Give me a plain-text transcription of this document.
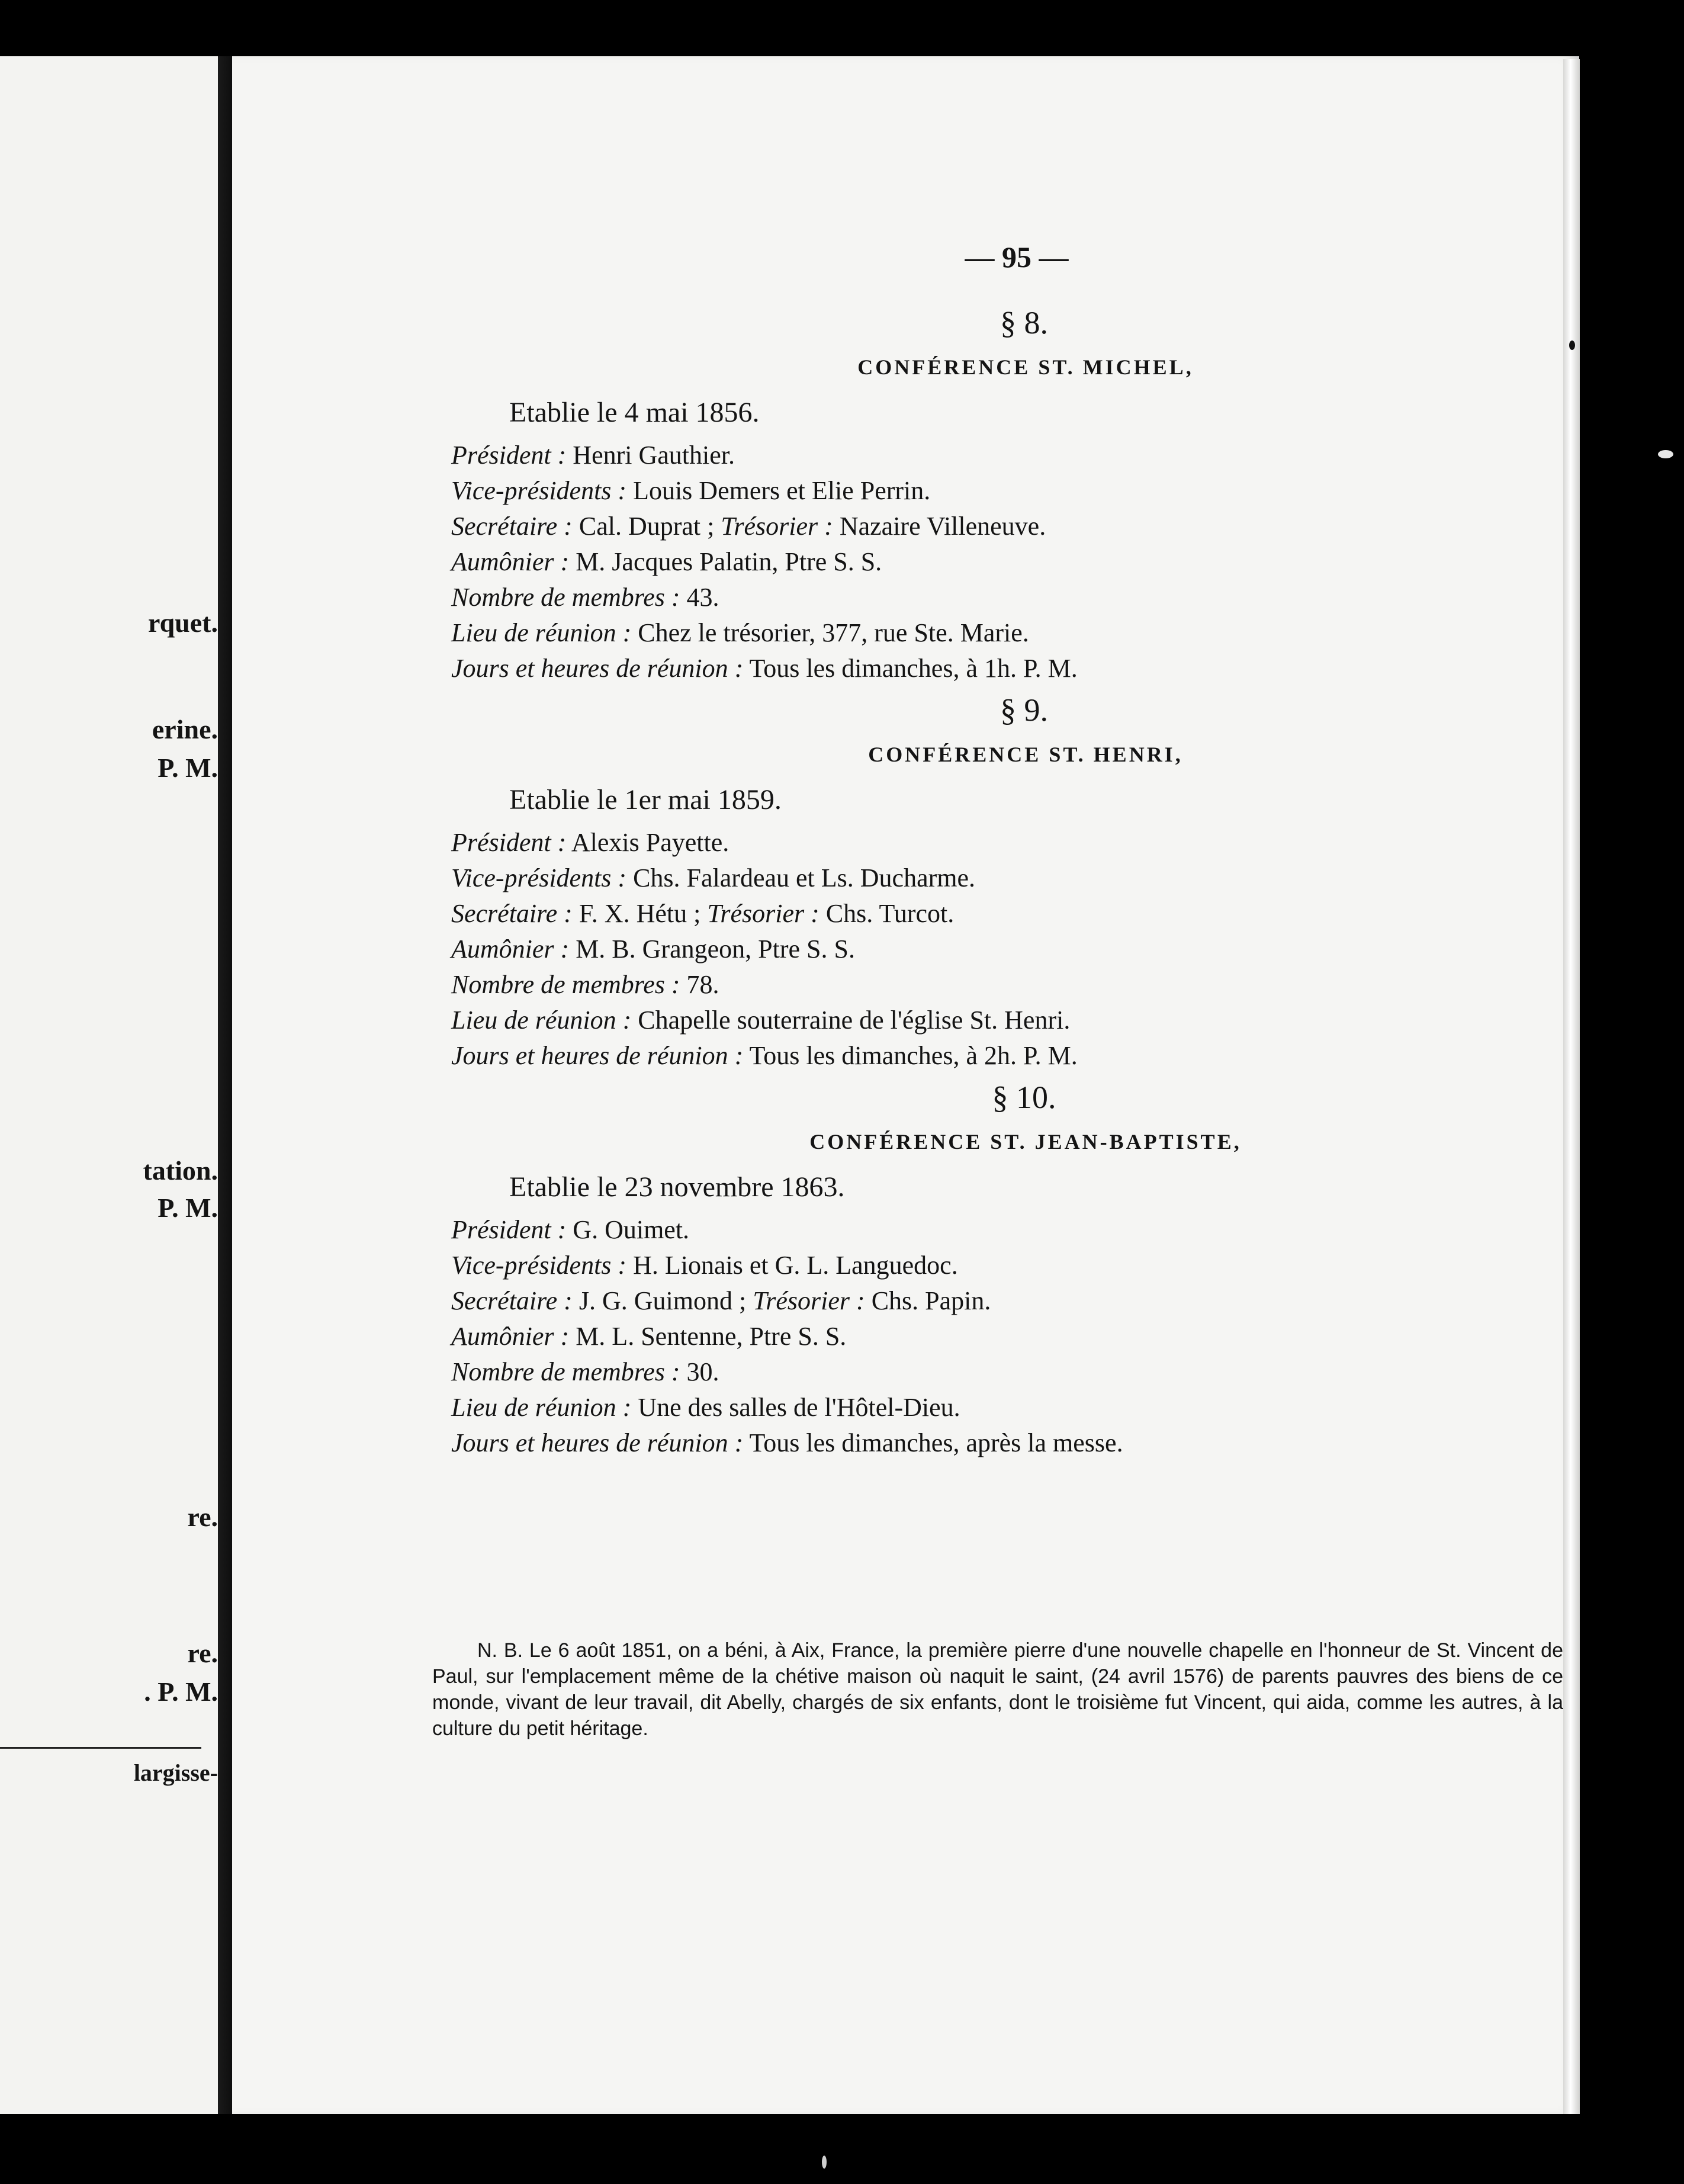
rquet.
erine.
P. M.
tation.
P. M.
re.
re.
. P. M.
largisse-
— 95 —
§ 8.
CONFÉRENCE ST. MICHEL,
Etablie le 4 mai 1856.
Président : Henri Gauthier.
Vice-présidents : Louis Demers et Elie Perrin.
Secrétaire : Cal. Duprat ; Trésorier : Nazaire Villeneuve.
Aumônier : M. Jacques Palatin, Ptre S. S.
Nombre de membres : 43.
Lieu de réunion : Chez le trésorier, 377, rue Ste. Marie.
Jours et heures de réunion : Tous les dimanches, à 1h. P. M.
§ 9.
CONFÉRENCE ST. HENRI,
Etablie le 1er mai 1859.
Président : Alexis Payette.
Vice-présidents : Chs. Falardeau et Ls. Ducharme.
Secrétaire : F. X. Hétu ; Trésorier : Chs. Turcot.
Aumônier : M. B. Grangeon, Ptre S. S.
Nombre de membres : 78.
Lieu de réunion : Chapelle souterraine de l'église St. Henri.
Jours et heures de réunion : Tous les dimanches, à 2h. P. M.
§ 10.
CONFÉRENCE ST. JEAN-BAPTISTE,
Etablie le 23 novembre 1863.
Président : G. Ouimet.
Vice-présidents : H. Lionais et G. L. Languedoc.
Secrétaire : J. G. Guimond ; Trésorier : Chs. Papin.
Aumônier : M. L. Sentenne, Ptre S. S.
Nombre de membres : 30.
Lieu de réunion : Une des salles de l'Hôtel-Dieu.
Jours et heures de réunion : Tous les dimanches, après la messe.
N. B. Le 6 août 1851, on a béni, à Aix, France, la première pierre d'une nouvelle chapelle en l'honneur de St. Vincent de Paul, sur l'emplacement même de la chétive maison où naquit le saint, (24 avril 1576) de parents pauvres des biens de ce monde, vivant de leur travail, dit Abelly, chargés de six enfants, dont le troisième fut Vincent, qui aida, comme les autres, à la culture du petit héritage.
